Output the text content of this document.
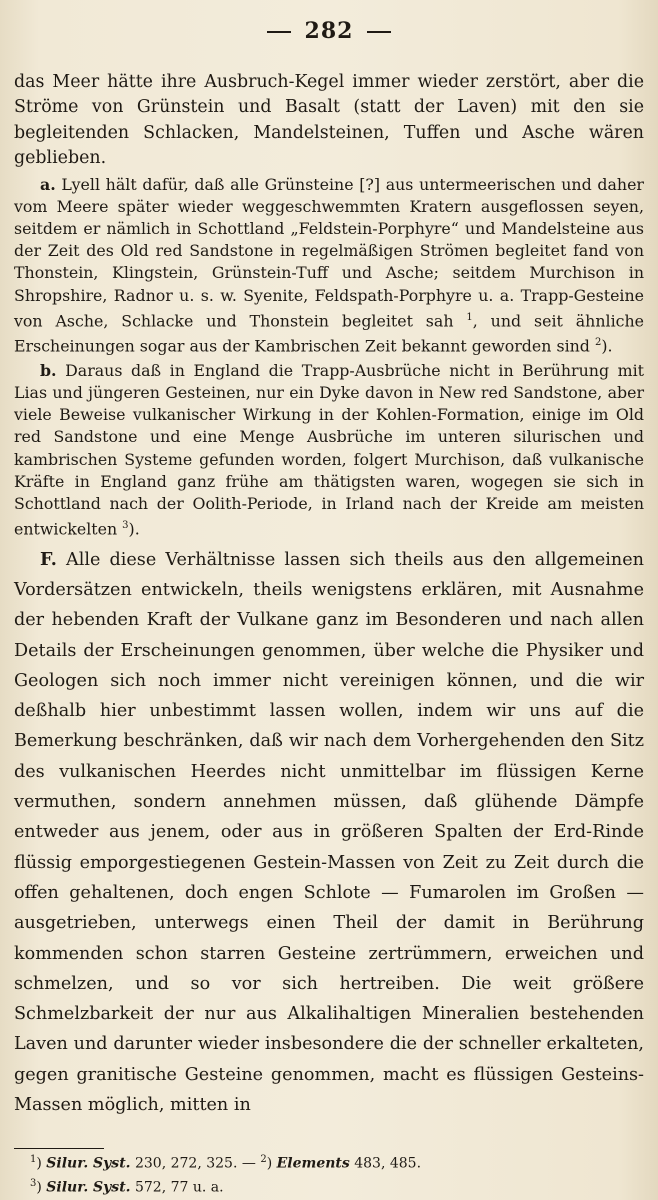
282

das Meer hätte ihre Ausbruch-Kegel immer wieder zerstört, aber die Ströme von Grünstein und Basalt (statt der Laven) mit den sie begleitenden Schlacken, Mandelsteinen, Tuffen und Asche wären geblieben.

a. Lyell hält dafür, daß alle Grünsteine [?] aus untermeerischen und daher vom Meere später wieder weggeschwemmten Kratern ausgeflossen seyen, seitdem er nämlich in Schottland „Feldstein-Porphyre“ und Mandelsteine aus der Zeit des Old red Sandstone in regelmäßigen Strömen begleitet fand von Thonstein, Klingstein, Grünstein-Tuff und Asche; seitdem Murchison in Shropshire, Radnor u. s. w. Syenite, Feldspath-Porphyre u. a. Trapp-Gesteine von Asche, Schlacke und Thonstein begleitet sah $^1$, und seit ähnliche Erscheinungen sogar aus der Kambrischen Zeit bekannt geworden sind $^2$).

b. Daraus daß in England die Trapp-Ausbrüche nicht in Berührung mit Lias und jüngeren Gesteinen, nur ein Dyke davon in New red Sandstone, aber viele Beweise vulkanischer Wirkung in der Kohlen-Formation, einige im Old red Sandstone und eine Menge Ausbrüche im unteren silurischen und kambrischen Systeme gefunden worden, folgert Murchison, daß vulkanische Kräfte in England ganz frühe am thätigsten waren, wogegen sie sich in Schottland nach der Oolith-Periode, in Irland nach der Kreide am meisten entwickelten $^3$).

F. Alle diese Verhältnisse lassen sich theils aus den allgemeinen Vordersätzen entwickeln, theils wenigstens erklären, mit Ausnahme der hebenden Kraft der Vulkane ganz im Besonderen und nach allen Details der Erscheinungen genommen, über welche die Physiker und Geologen sich noch immer nicht vereinigen können, und die wir deßhalb hier unbestimmt lassen wollen, indem wir uns auf die Bemerkung beschränken, daß wir nach dem Vorhergehenden den Sitz des vulkanischen Heerdes nicht unmittelbar im flüssigen Kerne vermuthen, sondern annehmen müssen, daß glühende Dämpfe entweder aus jenem, oder aus in größeren Spalten der Erd-Rinde flüssig emporgestiegenen Gestein-Massen von Zeit zu Zeit durch die offen gehaltenen, doch engen Schlote — Fumarolen im Großen — ausgetrieben, unterwegs einen Theil der damit in Berührung kommenden schon starren Gesteine zertrümmern, erweichen und schmelzen, und so vor sich hertreiben. Die weit größere Schmelzbarkeit der nur aus Alkalihaltigen Mineralien bestehenden Laven und darunter wieder insbesondere die der schneller erkalteten, gegen granitische Gesteine genommen, macht es flüssigen Gesteins-Massen möglich, mitten in

$^1$) Silur. Syst. 230, 272, 325. — $^2$) Elements 483, 485.

$^3$) Silur. Syst. 572, 77 u. a.
